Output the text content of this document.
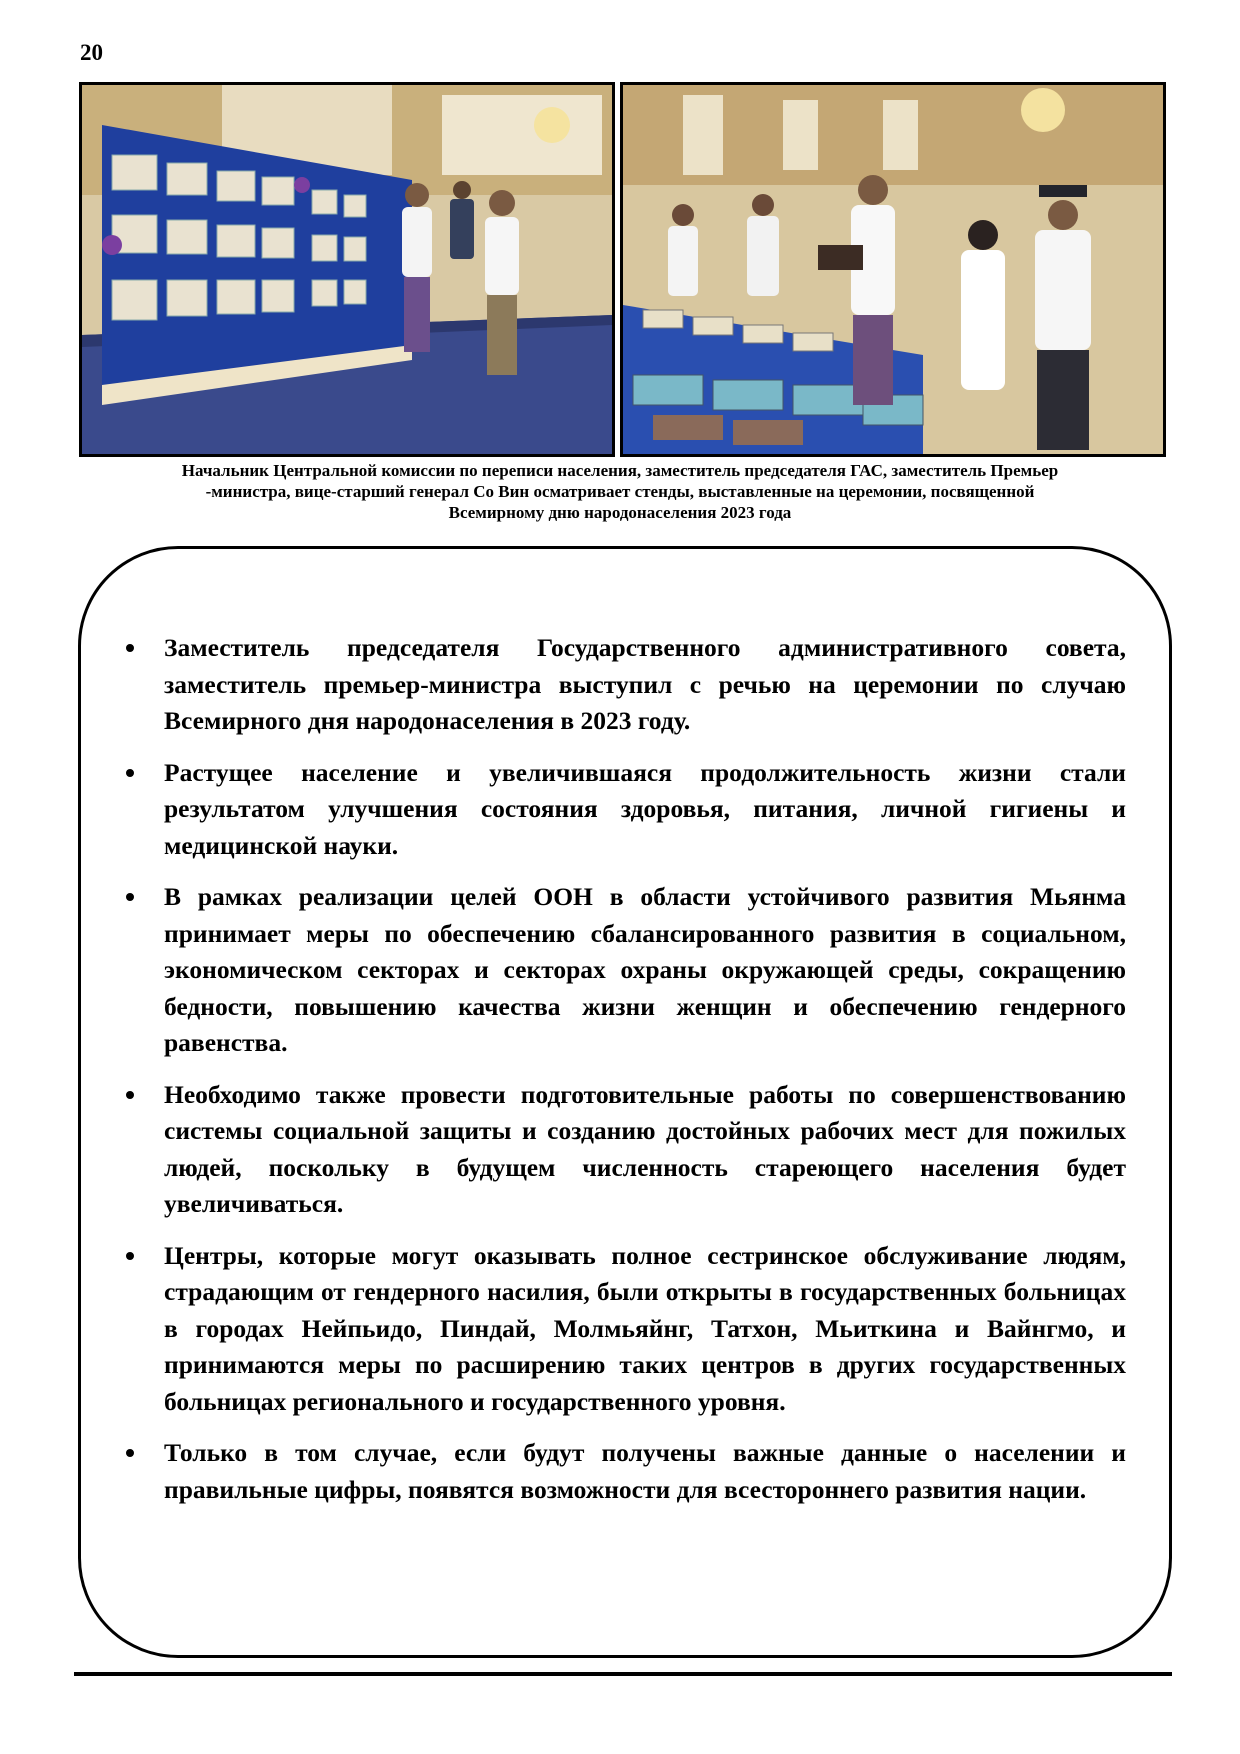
20
Начальник Центральной комиссии по переписи населения, заместитель председателя ГАС, заместитель Премьер
-министра, вице-старший генерал Со Вин осматривает стенды, выставленные на церемонии, посвященной
Всемирному дню народонаселения 2023 года
Заместитель председателя Государственного административного совета, заместитель премьер-министра выступил с речью на церемонии по случаю Всемирного дня народонаселения в 2023 году.
Растущее население и увеличившаяся продолжительность жизни стали результатом улучшения состояния здоровья, питания, личной гигиены и медицинской науки.
В рамках реализации целей ООН в области устойчивого развития Мьянма принимает меры по обеспечению сбалансированного развития в социальном, экономическом секторах и секторах охраны окружающей среды, сокращению бедности, повышению качества жизни женщин и обеспечению гендерного равенства.
Необходимо также провести подготовительные работы по совершенствованию системы социальной защиты и созданию достойных рабочих мест для пожилых людей, поскольку в будущем численность стареющего населения будет увеличиваться.
Центры, которые могут оказывать полное сестринское обслуживание людям, страдающим от гендерного насилия, были открыты в государственных больницах в городах Нейпьидо, Пиндай, Молмьяйнг, Татхон, Мьиткина и Вайнгмо, и принимаются меры по расширению таких центров в других государственных больницах регионального и государственного уровня.
Только в том случае, если будут получены важные данные о населении и правильные цифры, появятся возможности для всестороннего развития нации.
